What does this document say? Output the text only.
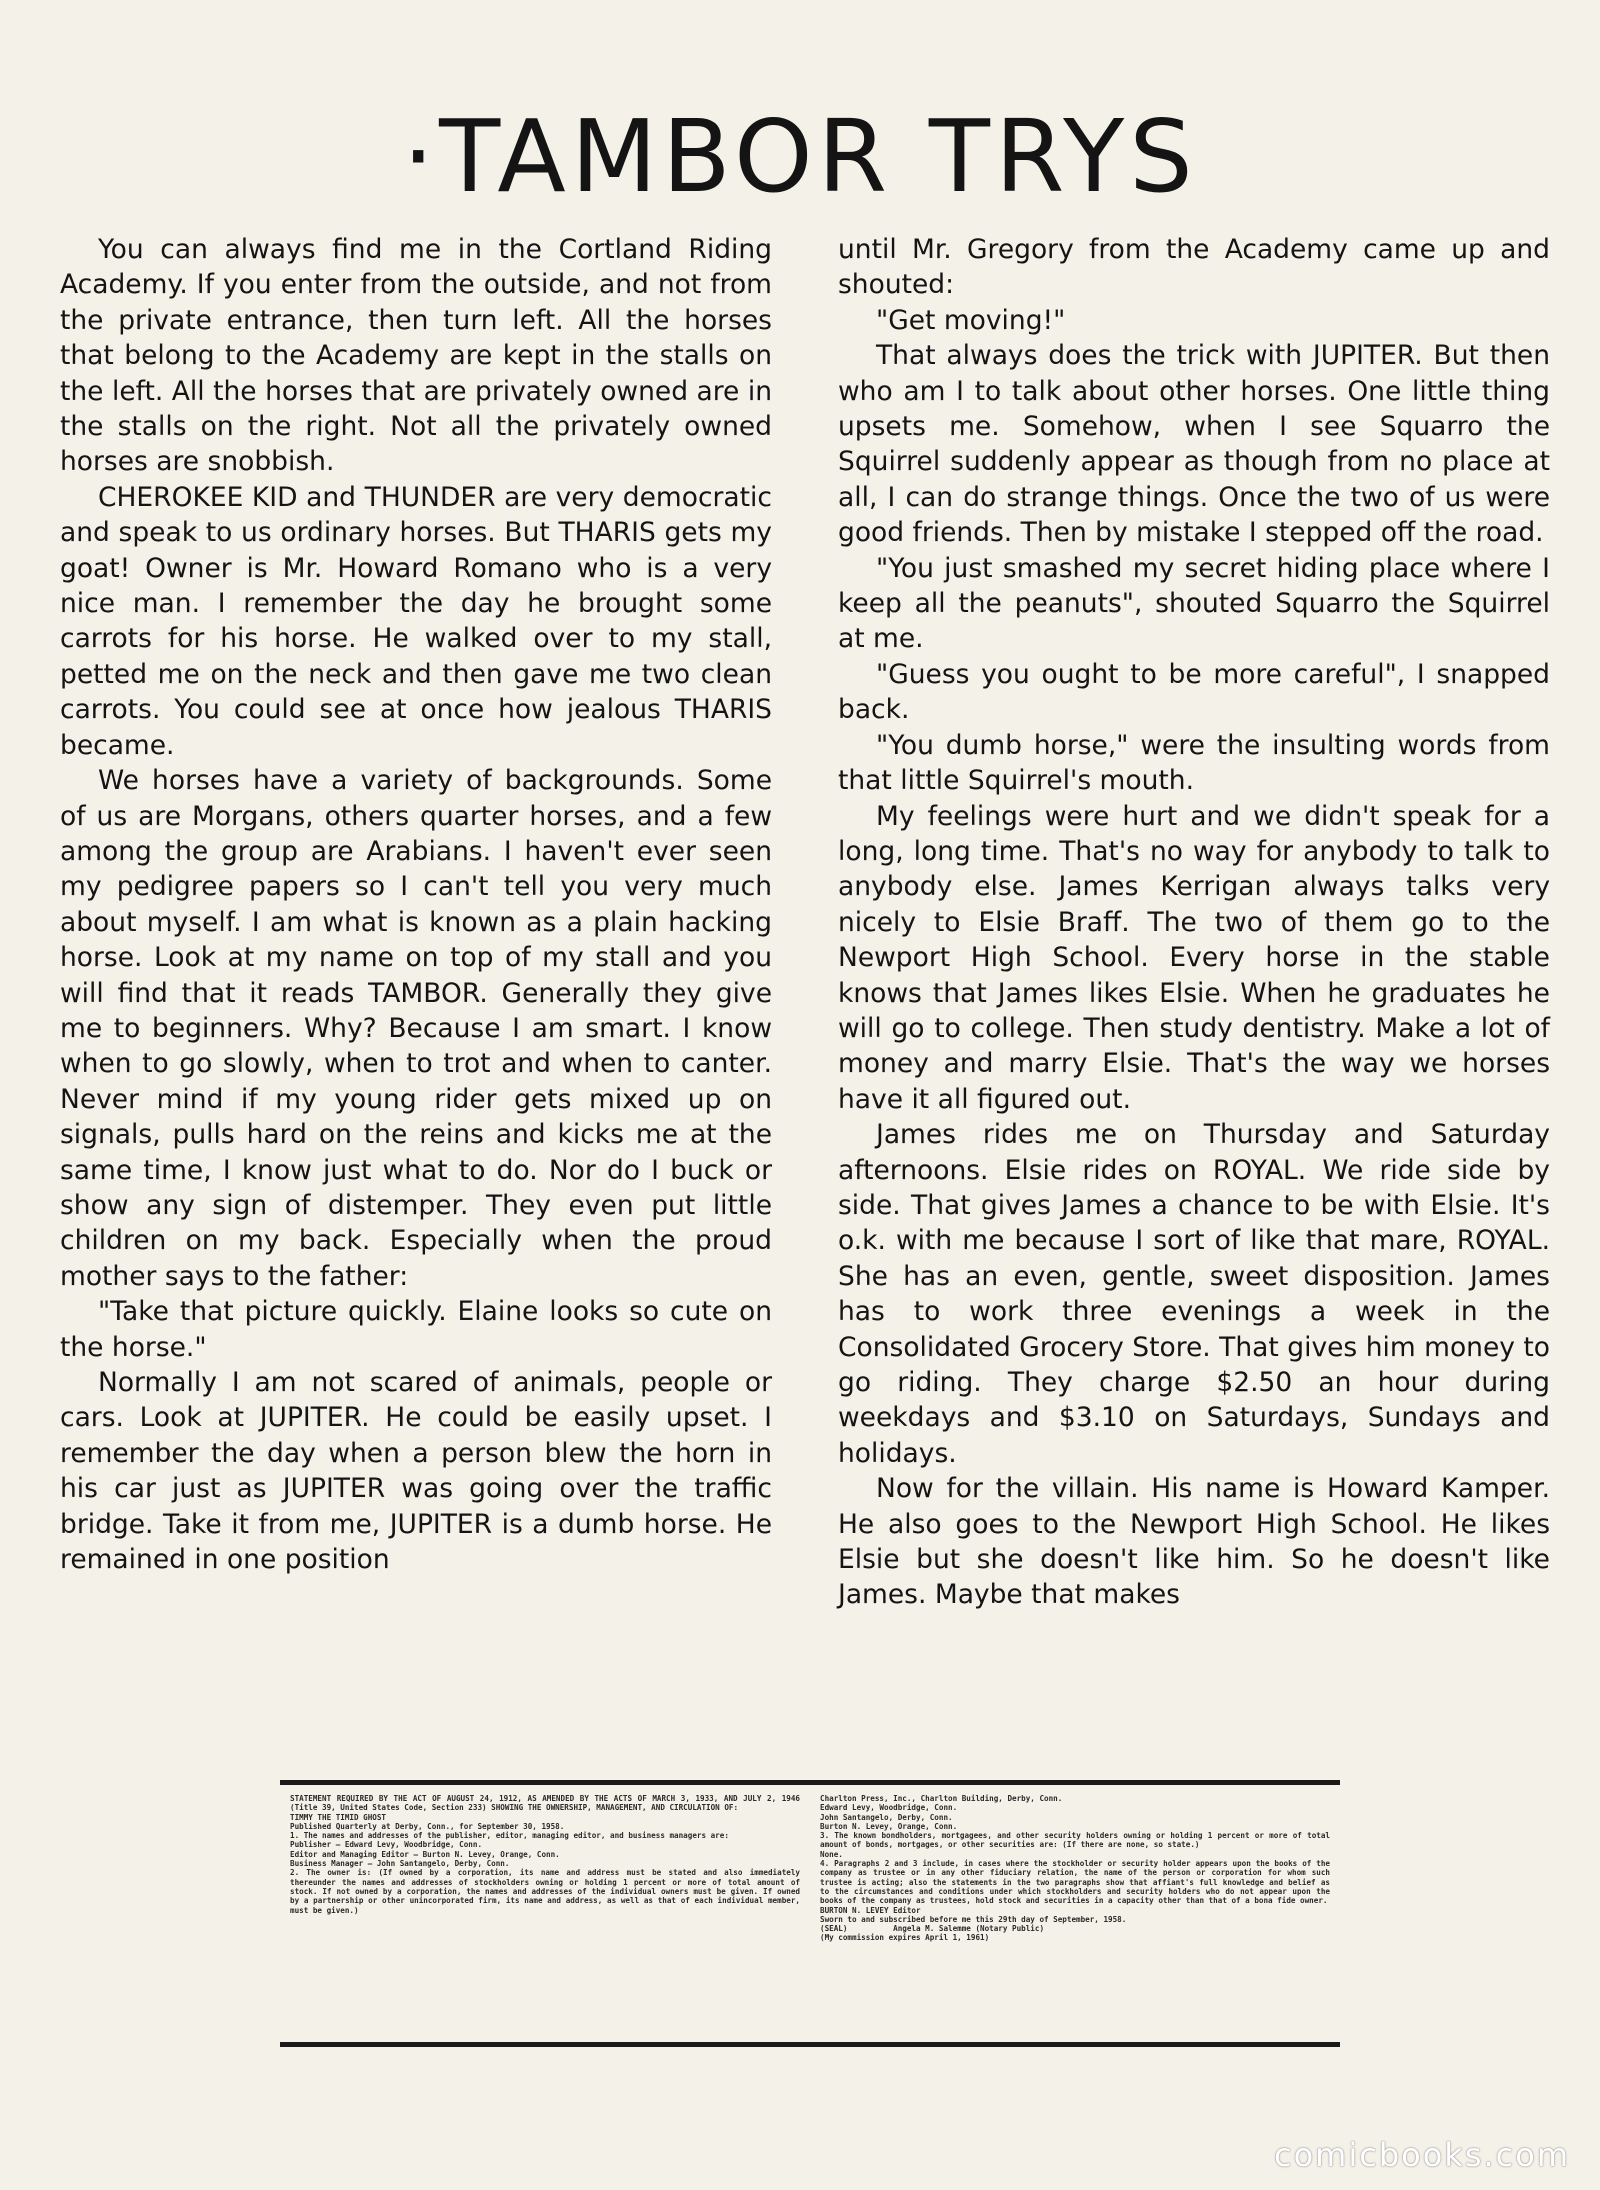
·TAMBOR TRYS

You can always find me in the Cortland Riding Academy. If you enter from the outside, and not from the private entrance, then turn left. All the horses that belong to the Academy are kept in the stalls on the left. All the horses that are privately owned are in the stalls on the right. Not all the privately owned horses are snobbish.

CHEROKEE KID and THUNDER are very democratic and speak to us ordinary horses. But THARIS gets my goat! Owner is Mr. Howard Romano who is a very nice man. I remember the day he brought some carrots for his horse. He walked over to my stall, petted me on the neck and then gave me two clean carrots. You could see at once how jealous THARIS became.

We horses have a variety of backgrounds. Some of us are Morgans, others quarter horses, and a few among the group are Arabians. I haven't ever seen my pedigree papers so I can't tell you very much about myself. I am what is known as a plain hacking horse. Look at my name on top of my stall and you will find that it reads TAMBOR. Generally they give me to beginners. Why? Because I am smart. I know when to go slowly, when to trot and when to canter. Never mind if my young rider gets mixed up on signals, pulls hard on the reins and kicks me at the same time, I know just what to do. Nor do I buck or show any sign of distemper. They even put little children on my back. Especially when the proud mother says to the father:

"Take that picture quickly. Elaine looks so cute on the horse."

Normally I am not scared of animals, people or cars. Look at JUPITER. He could be easily upset. I remember the day when a person blew the horn in his car just as JUPITER was going over the traffic bridge. Take it from me, JUPITER is a dumb horse. He remained in one position

until Mr. Gregory from the Academy came up and shouted:

"Get moving!"

That always does the trick with JUPITER. But then who am I to talk about other horses. One little thing upsets me. Somehow, when I see Squarro the Squirrel suddenly appear as though from no place at all, I can do strange things. Once the two of us were good friends. Then by mistake I stepped off the road.

"You just smashed my secret hiding place where I keep all the peanuts", shouted Squarro the Squirrel at me.

"Guess you ought to be more careful", I snapped back.

"You dumb horse," were the insulting words from that little Squirrel's mouth.

My feelings were hurt and we didn't speak for a long, long time. That's no way for anybody to talk to anybody else. James Kerrigan always talks very nicely to Elsie Braff. The two of them go to the Newport High School. Every horse in the stable knows that James likes Elsie. When he graduates he will go to college. Then study dentistry. Make a lot of money and marry Elsie. That's the way we horses have it all figured out.

James rides me on Thursday and Saturday afternoons. Elsie rides on ROYAL. We ride side by side. That gives James a chance to be with Elsie. It's o.k. with me because I sort of like that mare, ROYAL. She has an even, gentle, sweet disposition. James has to work three evenings a week in the Consolidated Grocery Store. That gives him money to go riding. They charge $2.50 an hour during weekdays and $3.10 on Saturdays, Sundays and holidays.

Now for the villain. His name is Howard Kamper. He also goes to the Newport High School. He likes Elsie but she doesn't like him. So he doesn't like James. Maybe that makes

STATEMENT REQUIRED BY THE ACT OF AUGUST 24, 1912, AS AMENDED BY THE ACTS OF MARCH 3, 1933, AND JULY 2, 1946 (Title 39, United States Code, Section 233) SHOWING THE OWNERSHIP, MANAGEMENT, AND CIRCULATION OF:
TIMMY THE TIMID GHOST
Published Quarterly at Derby, Conn., for September 30, 1958.
1. The names and addresses of the publisher, editor, managing editor, and business managers are:
Publisher — Edward Levy, Woodbridge, Conn.
Editor and Managing Editor — Burton N. Levey, Orange, Conn.
Business Manager — John Santangelo, Derby, Conn.
2. The owner is: (If owned by a corporation, its name and address must be stated and also immediately thereunder the names and addresses of stockholders owning or holding 1 percent or more of total amount of stock. If not owned by a corporation, the names and addresses of the individual owners must be given. If owned by a partnership or other unincorporated firm, its name and address, as well as that of each individual member, must be given.)
Charlton Press, Inc., Charlton Building, Derby, Conn.
Edward Levy, Woodbridge, Conn.
John Santangelo, Derby, Conn.
Burton N. Levey, Orange, Conn.
3. The known bondholders, mortgagees, and other security holders owning or holding 1 percent or more of total amount of bonds, mortgages, or other securities are: (If there are none, so state.)
None.
4. Paragraphs 2 and 3 include, in cases where the stockholder or security holder appears upon the books of the company as trustee or in any other fiduciary relation, the name of the person or corporation for whom such trustee is acting; also the statements in the two paragraphs show that affiant's full knowledge and belief as to the circumstances and conditions under which stockholders and security holders who do not appear upon the books of the company as trustees, hold stock and securities in a capacity other than that of a bona fide owner.
BURTON N. LEVEY Editor
Sworn to and subscribed before me this 29th day of September, 1958.
(SEAL)          Angela M. Salemme (Notary Public)
(My commission expires April 1, 1961)
comicbooks.com
